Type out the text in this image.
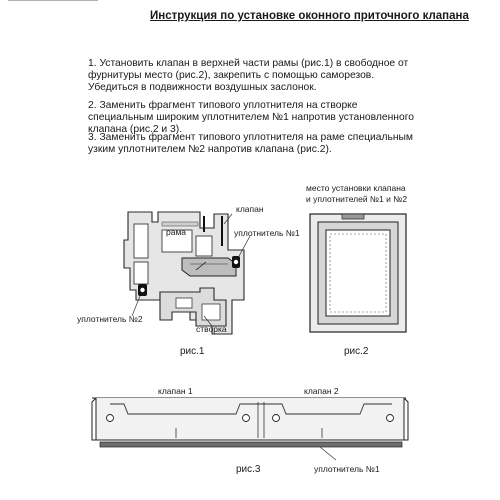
Инструкция по установке оконного приточного клапана

1. Установить клапан в верхней части рамы (рис.1) в свободное от фурнитуры место (рис.2), закрепить с помощью саморезов. Убедиться в подвижности воздушных заслонок.

2. Заменить фрагмент типового уплотнителя на створке специальным широким уплотнителем №1 напротив установленного клапана (рис.2 и 3).

3. Заменить фрагмент типового уплотнителя на раме специальным узким уплотнителем №2 напротив клапана (рис.2).

клапан
рама	уплотнитель №1
уплотнитель №2
створка
рис.1
место установки клапана
и уплотнителей №1 и №2
рис.2
клапан 1	клапан 2
уплотнитель №1
рис.3
